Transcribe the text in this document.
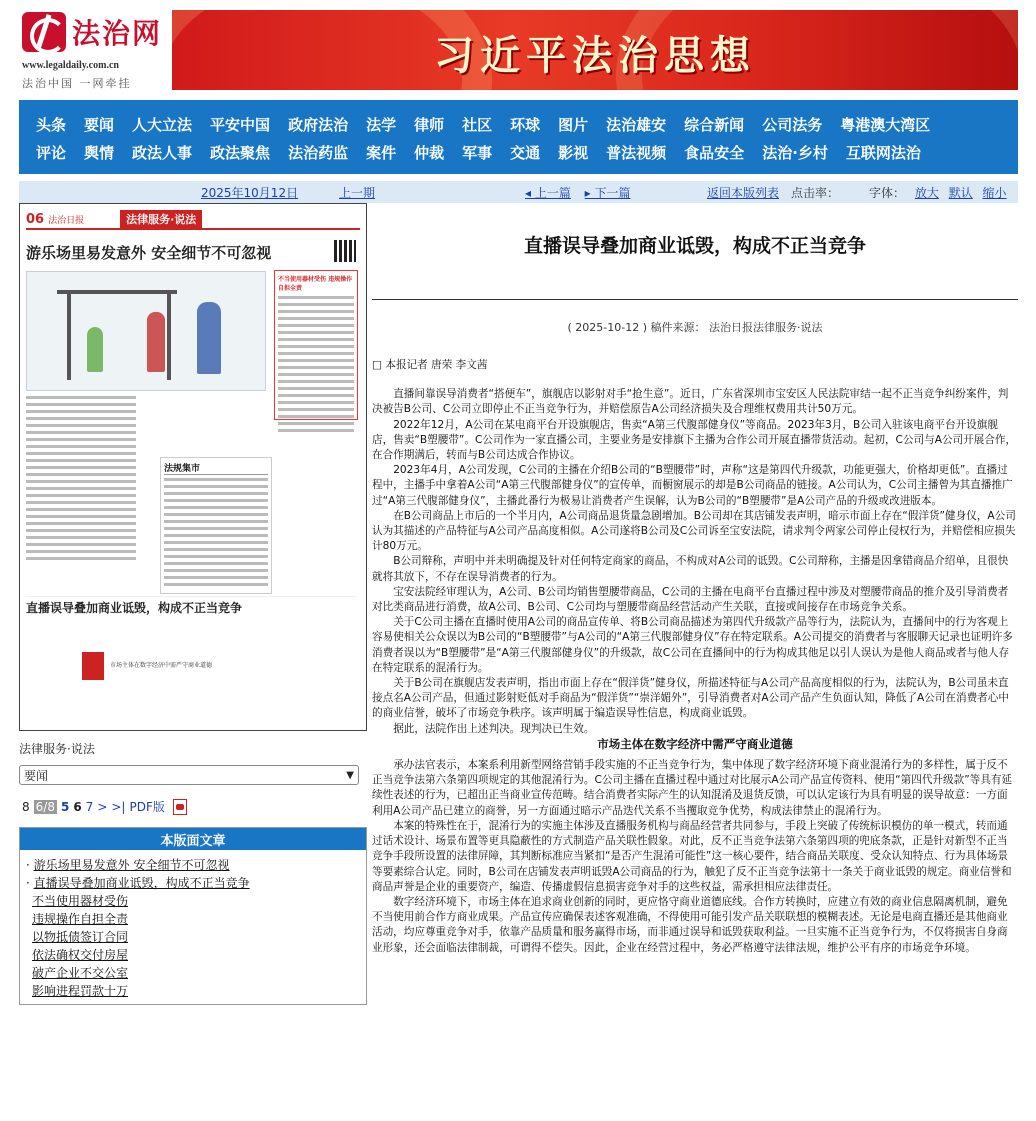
法治网
www.legaldaily.com.cn
法治中国 一网牵挂
习近平法治思想
头条	要闻	人大立法	平安中国	政府法治	法学	律师	社区	环球	图片	法治雄安	综合新闻	公司法务	粤港澳大湾区
评论	舆情	政法人事	政法聚焦	法治药监	案件	仲裁	军事	交通	影视	普法视频	食品安全	法治·乡村	互联网法治
2025年10月12日	上一期	◂ 上一篇 ▸ 下一篇	返回本版列表 点击率： 字体： 放大 默认 缩小
06 法治日报	法律服务·说法
游乐场里易发意外 安全细节不可忽视
不当使用器材受伤 违规操作自担全责
法规集市
直播误导叠加商业诋毁，构成不正当竞争
市场主体在数字经济中需严守商业道德
法律服务·说法
要闻	▼
8 6/8 5 6 7 > >| PDF版
本版面文章
· 游乐场里易发意外 安全细节不可忽视
· 直播误导叠加商业诋毁，构成不正当竞争
不当使用器材受伤
违规操作自担全责
以物抵债签订合同
依法确权交付房屋
破产企业不交公室
影响进程罚款十万
直播误导叠加商业诋毁，构成不正当竞争
( 2025-10-12 ) 稿件来源： 法治日报法律服务·说法

□ 本报记者 唐荣 李文茜

直播间靠误导消费者“搭便车”，旗舰店以影射对手“抢生意”。近日，广东省深圳市宝安区人民法院审结一起不正当竞争纠纷案件，判决被告B公司、C公司立即停止不正当竞争行为，并赔偿原告A公司经济损失及合理维权费用共计50万元。

2022年12月，A公司在某电商平台开设旗舰店，售卖“A第三代腹部健身仪”等商品。2023年3月，B公司入驻该电商平台开设旗舰店，售卖“B塑腰带”。C公司作为一家直播公司，主要业务是安排旗下主播为合作公司开展直播带货活动。起初，C公司与A公司开展合作，在合作期满后，转而与B公司达成合作协议。

2023年4月，A公司发现，C公司的主播在介绍B公司的“B塑腰带”时，声称“这是第四代升级款，功能更强大，价格却更低”。直播过程中，主播手中拿着A公司“A第三代腹部健身仪”的宣传单，而橱窗展示的却是B公司商品的链接。A公司认为，C公司主播曾为其直播推广过“A第三代腹部健身仪”，主播此番行为极易让消费者产生误解，认为B公司的“B塑腰带”是A公司产品的升级或改进版本。

在B公司商品上市后的一个半月内，A公司商品退货量急剧增加。B公司却在其店铺发表声明，暗示市面上存在“假洋货”健身仪，A公司认为其描述的产品特征与A公司产品高度相似。A公司遂将B公司及C公司诉至宝安法院，请求判令两家公司停止侵权行为，并赔偿相应损失计80万元。

B公司辩称，声明中并未明确提及针对任何特定商家的商品，不构成对A公司的诋毁。C公司辩称，主播是因拿错商品介绍单，且很快就将其放下，不存在误导消费者的行为。

宝安法院经审理认为，A公司、B公司均销售塑腰带商品，C公司的主播在电商平台直播过程中涉及对塑腰带商品的推介及引导消费者对比类商品进行消费，故A公司、B公司、C公司均与塑腰带商品经营活动产生关联，直接或间接存在市场竞争关系。

关于C公司主播在直播时使用A公司的商品宣传单、将B公司商品描述为第四代升级款产品等行为，法院认为，直播间中的行为客观上容易使相关公众误以为B公司的“B塑腰带”与A公司的“A第三代腹部健身仪”存在特定联系。A公司提交的消费者与客服聊天记录也证明许多消费者误以为“B塑腰带”是“A第三代腹部健身仪”的升级款，故C公司在直播间中的行为构成其他足以引人误认为是他人商品或者与他人存在特定联系的混淆行为。

关于B公司在旗舰店发表声明，指出市面上存在“假洋货”健身仪，所描述特征与A公司产品高度相似的行为，法院认为，B公司虽未直接点名A公司产品，但通过影射贬低对手商品为“假洋货”“崇洋媚外”，引导消费者对A公司产品产生负面认知，降低了A公司在消费者心中的商业信誉，破坏了市场竞争秩序。该声明属于编造误导性信息，构成商业诋毁。

据此，法院作出上述判决。现判决已生效。

市场主体在数字经济中需严守商业道德

承办法官表示，本案系利用新型网络营销手段实施的不正当竞争行为，集中体现了数字经济环境下商业混淆行为的多样性，属于反不正当竞争法第六条第四项规定的其他混淆行为。C公司主播在直播过程中通过对比展示A公司产品宣传资料、使用“第四代升级款”等具有延续性表述的行为，已超出正当商业宣传范畴。结合消费者实际产生的认知混淆及退货反馈，可以认定该行为具有明显的误导故意：一方面利用A公司产品已建立的商誉，另一方面通过暗示产品迭代关系不当攫取竞争优势，构成法律禁止的混淆行为。

本案的特殊性在于，混淆行为的实施主体涉及直播服务机构与商品经营者共同参与，手段上突破了传统标识模仿的单一模式，转而通过话术设计、场景布置等更具隐蔽性的方式制造产品关联性假象。对此，反不正当竞争法第六条第四项的兜底条款，正是针对新型不正当竞争手段所设置的法律屏障，其判断标准应当紧扣“是否产生混淆可能性”这一核心要件，结合商品关联度、受众认知特点、行为具体场景等要素综合认定。同时，B公司在店铺发表声明诋毁A公司商品的行为，触犯了反不正当竞争法第十一条关于商业诋毁的规定。商业信誉和商品声誉是企业的重要资产，编造、传播虚假信息损害竞争对手的这些权益，需承担相应法律责任。

数字经济环境下，市场主体在追求商业创新的同时，更应恪守商业道德底线。合作方转换时，应建立有效的商业信息隔离机制，避免不当使用前合作方商业成果。产品宣传应确保表述客观准确，不得使用可能引发产品关联联想的模糊表述。无论是电商直播还是其他商业活动，均应尊重竞争对手，依靠产品质量和服务赢得市场，而非通过误导和诋毁获取利益。一旦实施不正当竞争行为，不仅将损害自身商业形象，还会面临法律制裁，可谓得不偿失。因此，企业在经营过程中，务必严格遵守法律法规，维护公平有序的市场竞争环境。
